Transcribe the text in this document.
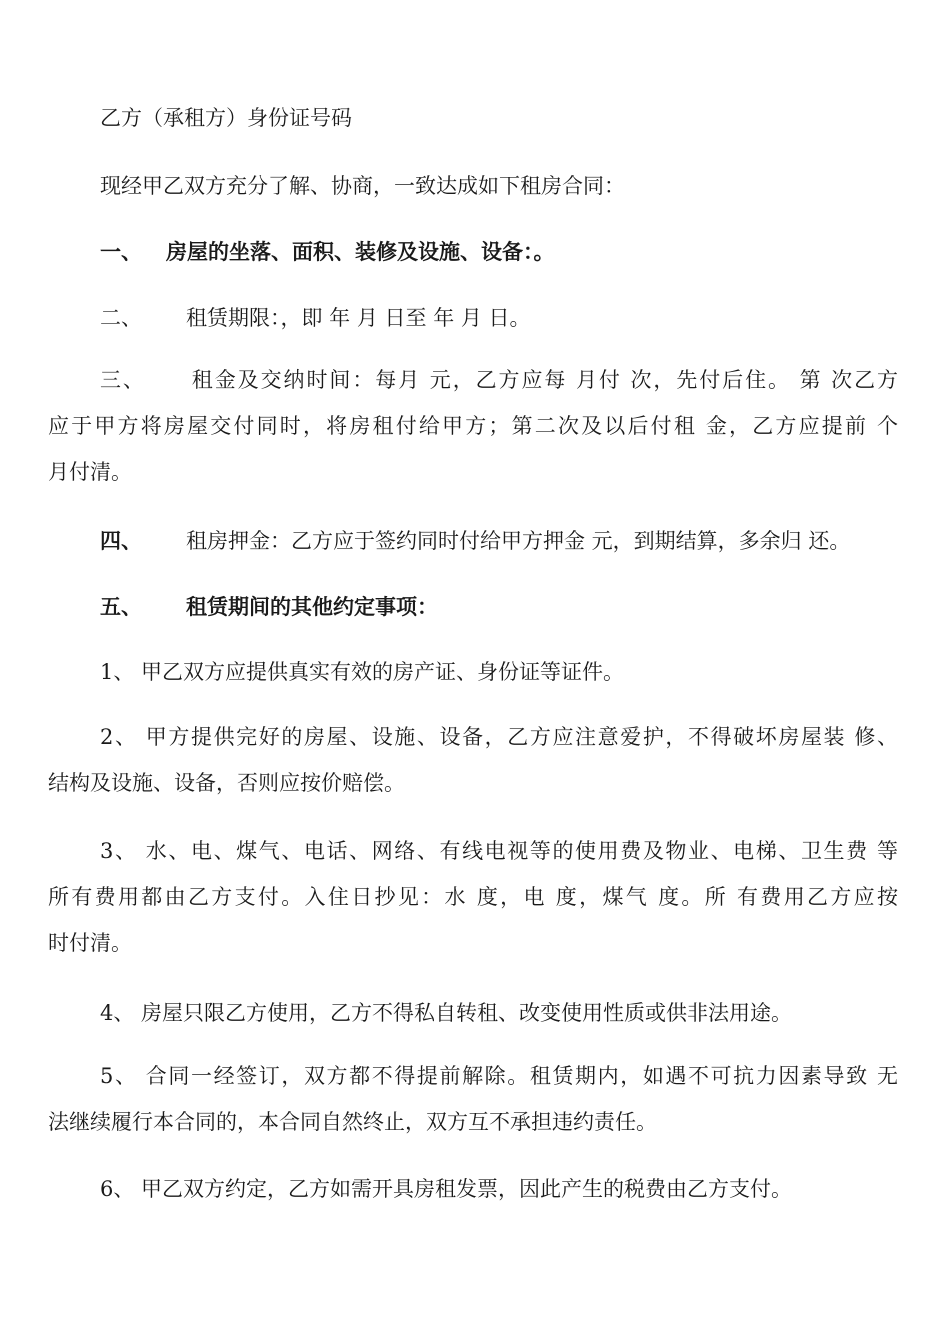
乙方（承租方）身份证号码
现经甲乙双方充分了解、协商，一致达成如下租房合同：
一、 房屋的坐落、面积、装修及设施、设备：。
二、 租赁期限：，即 年 月 日至 年 月 日。
三、 租金及交纳时间：每月 元，乙方应每 月付 次，先付后住。 第 次乙方
应于甲方将房屋交付同时，将房租付给甲方；第二次及以后付租 金，乙方应提前 个
月付清。
四、 租房押金：乙方应于签约同时付给甲方押金 元，到期结算，多余归 还。
五、 租赁期间的其他约定事项：
1、 甲乙双方应提供真实有效的房产证、身份证等证件。
2、 甲方提供完好的房屋、设施、设备，乙方应注意爱护，不得破坏房屋装 修、
结构及设施、设备，否则应按价赔偿。
3、 水、电、煤气、电话、网络、有线电视等的使用费及物业、电梯、卫生费 等
所有费用都由乙方支付。入住日抄见：水 度，电 度，煤气 度。所 有费用乙方应按
时付清。
4、 房屋只限乙方使用，乙方不得私自转租、改变使用性质或供非法用途。
5、 合同一经签订，双方都不得提前解除。租赁期内，如遇不可抗力因素导致 无
法继续履行本合同的，本合同自然终止，双方互不承担违约责任。
6、 甲乙双方约定，乙方如需开具房租发票，因此产生的税费由乙方支付。
